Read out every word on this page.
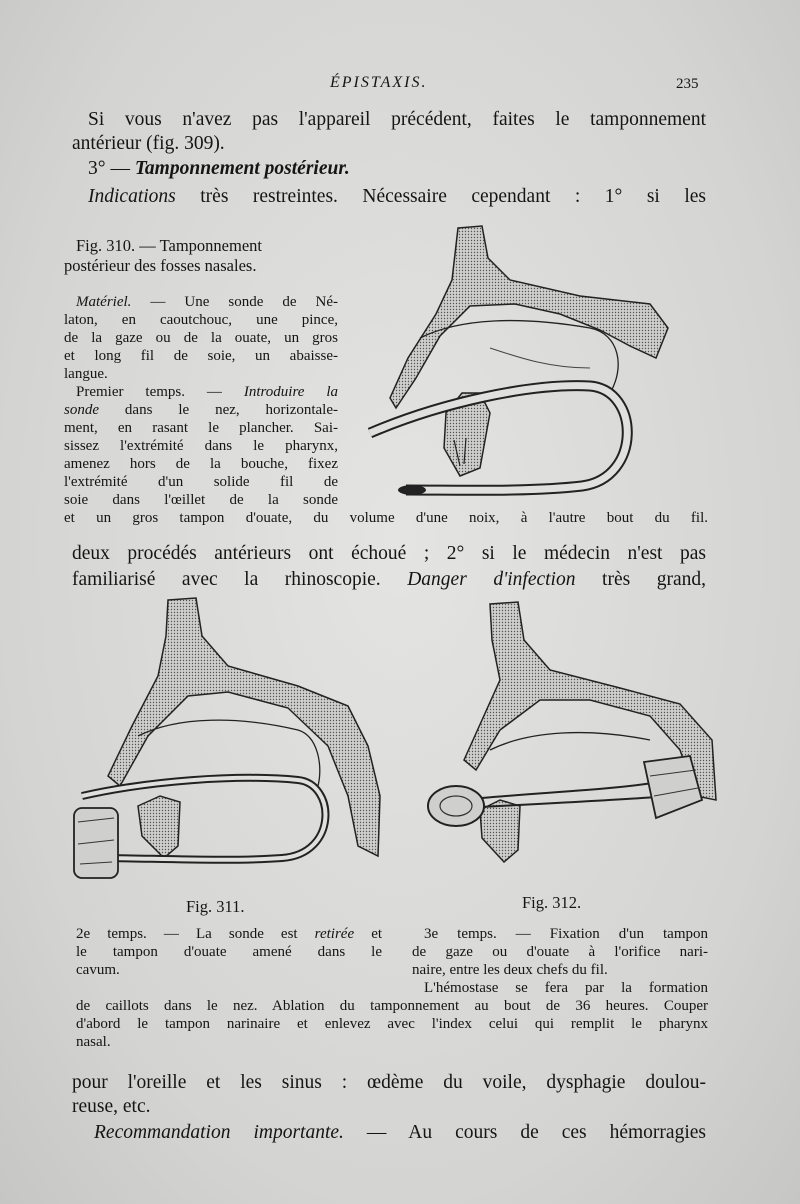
ÉPISTAXIS.	235
Si vous n'avez pas l'appareil précédent, faites le tamponnement
antérieur (fig. 309).
3° — Tamponnement postérieur.
Indications très restreintes. Nécessaire cependant : 1° si les
Fig. 310. — Tamponnement
postérieur des fosses nasales.
Matériel. — Une sonde de Né-
laton, en caoutchouc, une pince,
de la gaze ou de la ouate, un gros
et long fil de soie, un abaisse-
langue.
Premier temps. — Introduire la
sonde dans le nez, horizontale-
ment, en rasant le plancher. Sai-
sissez l'extrémité dans le pharynx,
amenez hors de la bouche, fixez
l'extrémité d'un solide fil de
soie dans l'œillet de la sonde
et un gros tampon d'ouate, du volume d'une noix, à l'autre bout du fil.
deux procédés antérieurs ont échoué ; 2° si le médecin n'est pas
familiarisé avec la rhinoscopie. Danger d'infection très grand,
Fig. 311.	Fig. 312.
2e temps. — La sonde est retirée et
le tampon d'ouate amené dans le
cavum.
3e temps. — Fixation d'un tampon
de gaze ou d'ouate à l'orifice nari-
naire, entre les deux chefs du fil.
L'hémostase se fera par la formation
de caillots dans le nez. Ablation du tamponnement au bout de 36 heures. Couper
d'abord le tampon narinaire et enlevez avec l'index celui qui remplit le pharynx
nasal.
pour l'oreille et les sinus : œdème du voile, dysphagie doulou-
reuse, etc.
Recommandation importante. — Au cours de ces hémorragies
